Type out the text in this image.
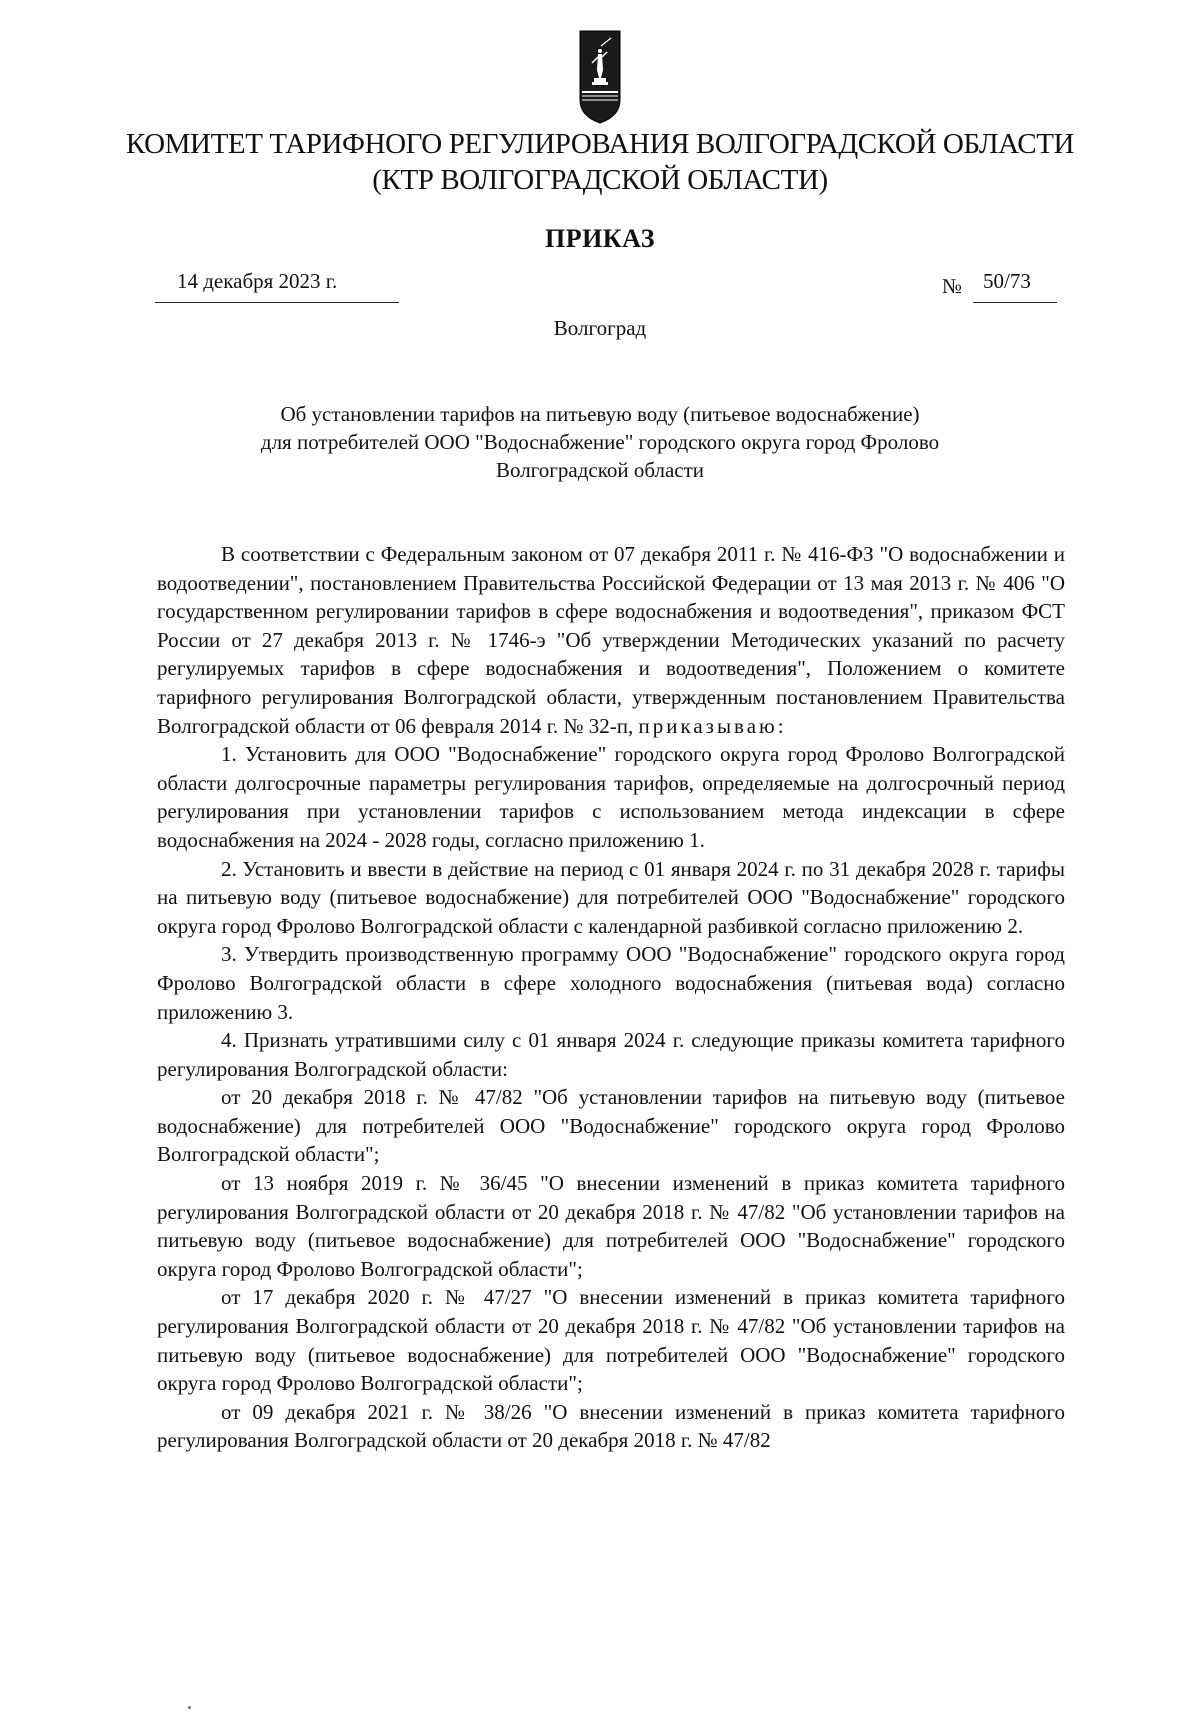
КОМИТЕТ ТАРИФНОГО РЕГУЛИРОВАНИЯ ВОЛГОГРАДСКОЙ ОБЛАСТИ
(КТР ВОЛГОГРАДСКОЙ ОБЛАСТИ)
ПРИКАЗ
14 декабря 2023 г.	№ 50/73
Волгоград
Об установлении тарифов на питьевую воду (питьевое водоснабжение)
для потребителей ООО "Водоснабжение" городского округа город Фролово
Волгоградской области

В соответствии с Федеральным законом от 07 декабря 2011 г. № 416-ФЗ "О водоснабжении и водоотведении", постановлением Правительства Российской Федерации от 13 мая 2013 г. № 406 "О государственном регулировании тарифов в сфере водоснабжения и водоотведения", приказом ФСТ России от 27 декабря 2013 г. № 1746-э "Об утверждении Методических указаний по расчету регулируемых тарифов в сфере водоснабжения и водоотведения", Положением о комитете тарифного регулирования Волгоградской области, утвержденным постановлением Правительства Волгоградской области от 06 февраля 2014 г. № 32-п, приказываю:

1. Установить для ООО "Водоснабжение" городского округа город Фролово Волгоградской области долгосрочные параметры регулирования тарифов, определяемые на долгосрочный период регулирования при установлении тарифов с использованием метода индексации в сфере водоснабжения на 2024 - 2028 годы, согласно приложению 1.

2. Установить и ввести в действие на период с 01 января 2024 г. по 31 декабря 2028 г. тарифы на питьевую воду (питьевое водоснабжение) для потребителей ООО "Водоснабжение" городского округа город Фролово Волгоградской области с календарной разбивкой согласно приложению 2.

3. Утвердить производственную программу ООО "Водоснабжение" городского округа город Фролово Волгоградской области в сфере холодного водоснабжения (питьевая вода) согласно приложению 3.

4. Признать утратившими силу с 01 января 2024 г. следующие приказы комитета тарифного регулирования Волгоградской области:

от 20 декабря 2018 г. № 47/82 "Об установлении тарифов на питьевую воду (питьевое водоснабжение) для потребителей ООО "Водоснабжение" городского округа город Фролово Волгоградской области";

от 13 ноября 2019 г. № 36/45 "О внесении изменений в приказ комитета тарифного регулирования Волгоградской области от 20 декабря 2018 г. № 47/82 "Об установлении тарифов на питьевую воду (питьевое водоснабжение) для потребителей ООО "Водоснабжение" городского округа город Фролово Волгоградской области";

от 17 декабря 2020 г. № 47/27 "О внесении изменений в приказ комитета тарифного регулирования Волгоградской области от 20 декабря 2018 г. № 47/82 "Об установлении тарифов на питьевую воду (питьевое водоснабжение) для потребителей ООО "Водоснабжение" городского округа город Фролово Волгоградской области";

от 09 декабря 2021 г. № 38/26 "О внесении изменений в приказ комитета тарифного регулирования Волгоградской области от 20 декабря 2018 г. № 47/82
